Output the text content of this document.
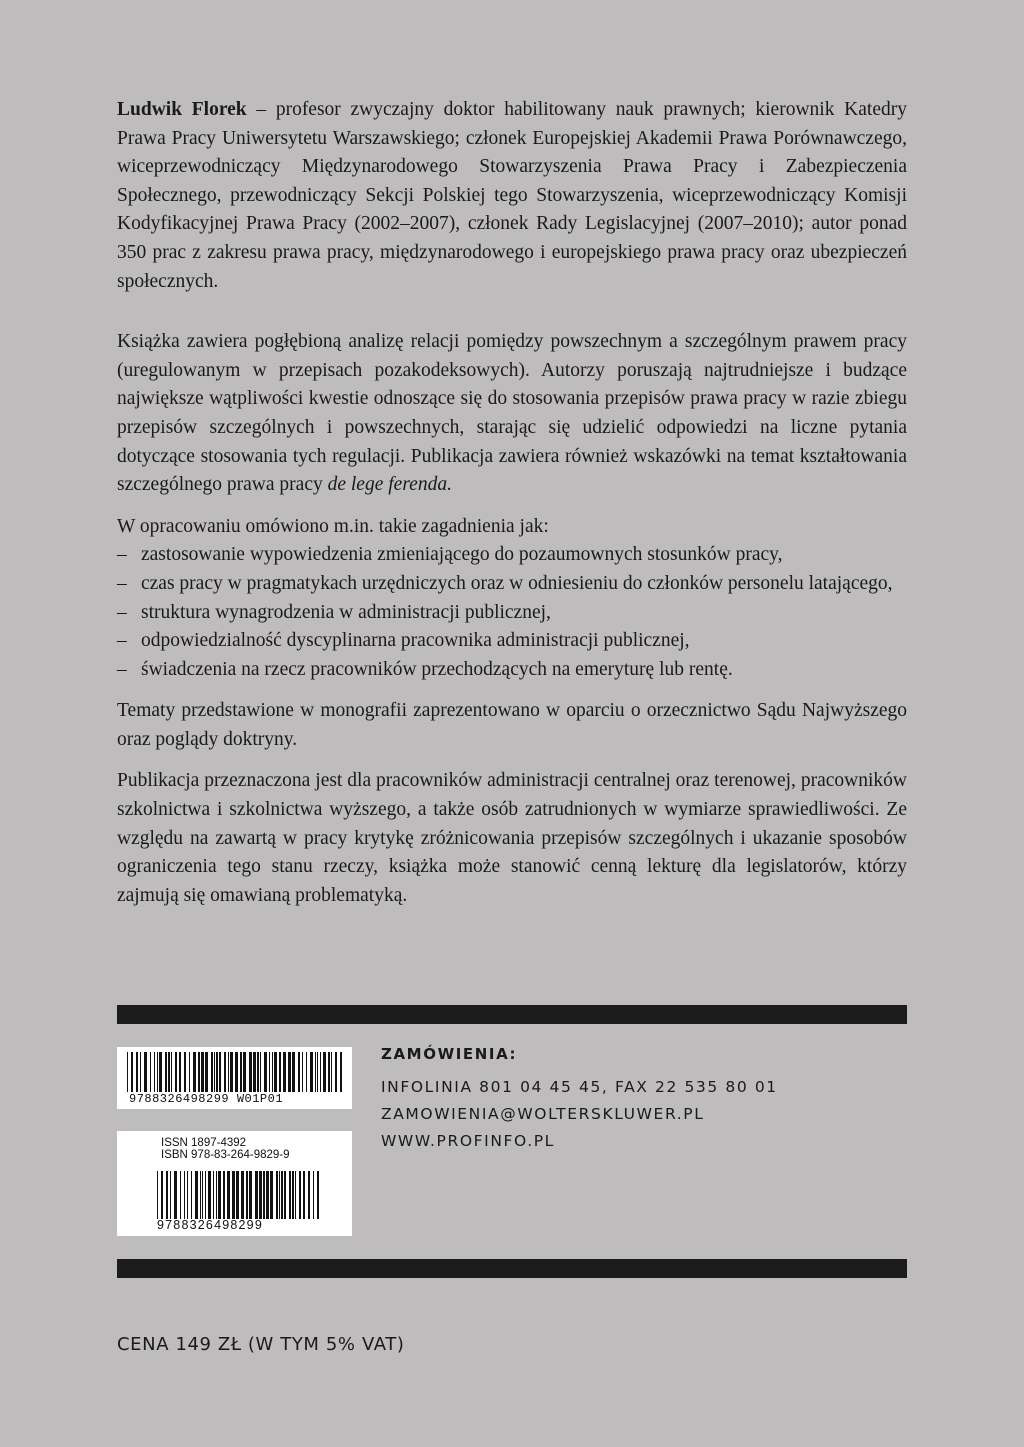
Ludwik Florek – profesor zwyczajny doktor habilitowany nauk prawnych; kierownik Katedry Prawa Pracy Uniwersytetu Warszawskiego; członek Europejskiej Akademii Prawa Porównawczego, wiceprzewodniczący Międzynarodowego Stowarzyszenia Prawa Pracy i Zabezpieczenia Społecznego, przewodniczący Sekcji Polskiej tego Stowarzyszenia, wiceprzewodniczący Komisji Kodyfikacyjnej Prawa Pracy (2002–2007), członek Rady Legislacyjnej (2007–2010); autor ponad 350 prac z zakresu prawa pracy, międzynarodowego i europejskiego prawa pracy oraz ubezpieczeń społecznych.

Książka zawiera pogłębioną analizę relacji pomiędzy powszechnym a szczególnym prawem pracy (uregulowanym w przepisach pozakodeksowych). Autorzy poruszają najtrudniejsze i budzące największe wątpliwości kwestie odnoszące się do stosowania przepisów prawa pracy w razie zbiegu przepisów szczególnych i powszechnych, starając się udzielić odpowiedzi na liczne pytania dotyczące stosowania tych regulacji. Publikacja zawiera również wskazówki na temat kształtowania szczególnego prawa pracy de lege ferenda.

W opracowaniu omówiono m.in. takie zagadnienia jak:

– zastosowanie wypowiedzenia zmieniającego do pozaumownych stosunków pracy,
– czas pracy w pragmatykach urzędniczych oraz w odniesieniu do członków personelu latającego,
– struktura wynagrodzenia w administracji publicznej,
– odpowiedzialność dyscyplinarna pracownika administracji publicznej,
– świadczenia na rzecz pracowników przechodzących na emeryturę lub rentę.

Tematy przedstawione w monografii zaprezentowano w oparciu o orzecznictwo Sądu Najwyższego oraz poglądy doktryny.

Publikacja przeznaczona jest dla pracowników administracji centralnej oraz terenowej, pracowników szkolnictwa i szkolnictwa wyższego, a także osób zatrudnionych w wymiarze sprawiedliwości. Ze względu na zawartą w pracy krytykę zróżnicowania przepisów szczególnych i ukazanie sposobów ograniczenia tego stanu rzeczy, książka może stanowić cenną lekturę dla legislatorów, którzy zajmują się omawianą problematyką.

9788326498299 W01P01
ISSN 1897-4392
ISBN 978-83-264-9829-9
9788326498299
ZAMÓWIENIA:
INFOLINIA 801 04 45 45, FAX 22 535 80 01
ZAMOWIENIA@WOLTERSKLUWER.PL
WWW.PROFINFO.PL
CENA 149 ZŁ (W TYM 5% VAT)
